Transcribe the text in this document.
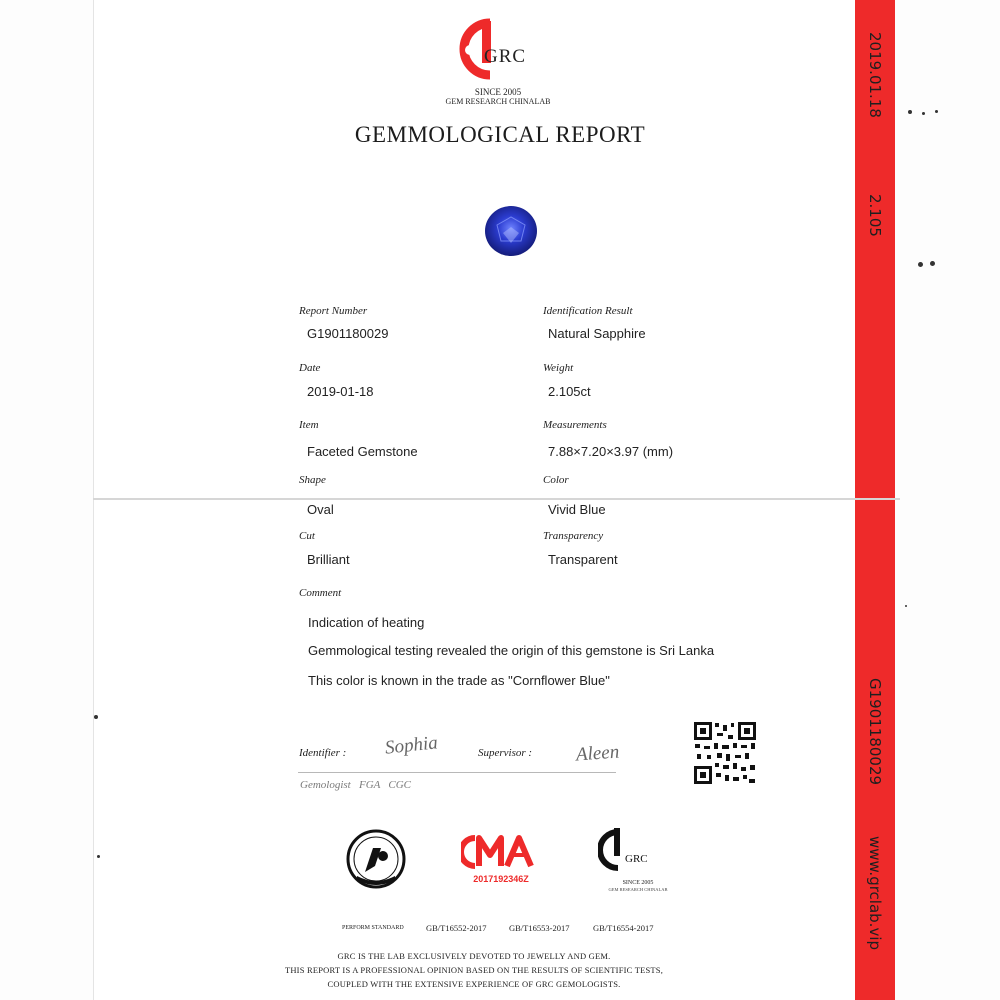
2019.01.18
2.105
G1901180029
www.grclab.vip
GRC
SINCE 2005
GEM RESEARCH CHINALAB
GEMMOLOGICAL REPORT
Report Number
G1901180029
Identification Result
Natural Sapphire
Date
2019-01-18
Weight
2.105ct
Item
Faceted Gemstone
Measurements
7.88×7.20×3.97 (mm)
Shape
Oval
Color
Vivid Blue
Cut
Brilliant
Transparency
Transparent
Comment
Indication of heating
Gemmological testing revealed the origin of this gemstone is Sri Lanka
This color is known in the trade as "Cornflower Blue"
Identifier : Sophia	Supervisor : Aleen
Gemologist   FGA   CGC
2017192346Z
GRC
SINCE 2005
GEM RESEARCH CHINALAB
PERFORM STANDARD	GB/T16552-2017	GB/T16553-2017	GB/T16554-2017
GRC IS THE LAB EXCLUSIVELY DEVOTED TO JEWELLY AND GEM.
THIS REPORT IS A PROFESSIONAL OPINION BASED ON THE RESULTS OF SCIENTIFIC TESTS,
COUPLED WITH THE EXTENSIVE EXPERIENCE OF GRC GEMOLOGISTS.
